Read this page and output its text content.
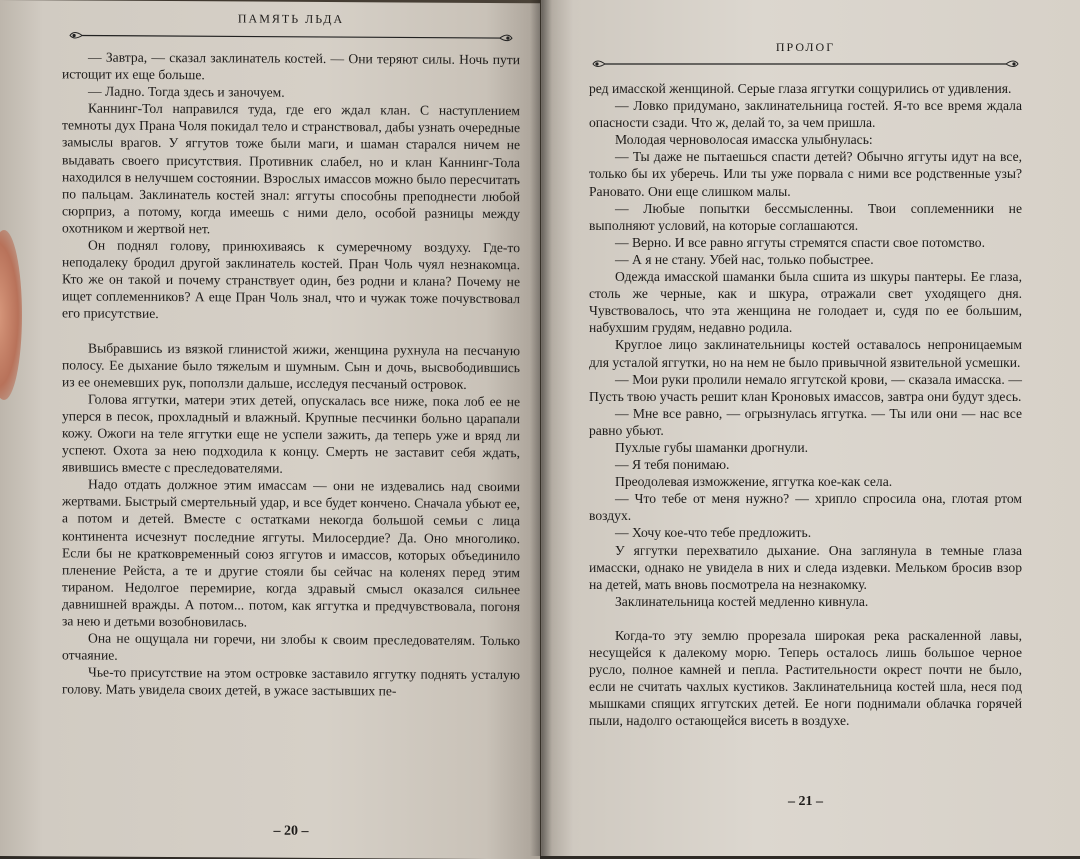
ПАМЯТЬ ЛЬДА

— Завтра, — сказал заклинатель костей. — Они теряют силы. Ночь пути истощит их еще больше.

— Ладно. Тогда здесь и заночуем.

Каннинг-Тол направился туда, где его ждал клан. С наступлением темноты дух Прана Чоля покидал тело и странствовал, дабы узнать очередные замыслы врагов. У яггутов тоже были маги, и шаман старался ничем не выдавать своего присутствия. Противник слабел, но и клан Каннинг-Тола находился в нелучшем состоянии. Взрослых имассов можно было пересчитать по пальцам. Заклинатель костей знал: яггуты способны преподнести любой сюрприз, а потому, когда имеешь с ними дело, особой разницы между охотником и жертвой нет.

Он поднял голову, принюхиваясь к сумеречному воздуху. Где-то неподалеку бродил другой заклинатель костей. Пран Чоль чуял незнакомца. Кто же он такой и почему странствует один, без родни и клана? Почему не ищет соплеменников? А еще Пран Чоль знал, что и чужак тоже почувствовал его присутствие.

Выбравшись из вязкой глинистой жижи, женщина рухнула на песчаную полосу. Ее дыхание было тяжелым и шумным. Сын и дочь, высвободившись из ее онемевших рук, поползли дальше, исследуя песчаный островок.

Голова яггутки, матери этих детей, опускалась все ниже, пока лоб ее не уперся в песок, прохладный и влажный. Крупные песчинки больно царапали кожу. Ожоги на теле яггутки еще не успели зажить, да теперь уже и вряд ли успеют. Охота за нею подходила к концу. Смерть не заставит себя ждать, явившись вместе с преследователями.

Надо отдать должное этим имассам — они не издевались над своими жертвами. Быстрый смертельный удар, и все будет кончено. Сначала убьют ее, а потом и детей. Вместе с остатками некогда большой семьи с лица континента исчезнут последние яггуты. Милосердие? Да. Оно многолико. Если бы не кратковременный союз яггутов и имассов, которых объединило пленение Рейста, а те и другие стояли бы сейчас на коленях перед этим тираном. Недолгое перемирие, когда здравый смысл оказался сильнее давнишней вражды. А потом... потом, как яггутка и предчувствовала, погоня за нею и детьми возобновилась.

Она не ощущала ни горечи, ни злобы к своим преследователям. Только отчаяние.

Чье-то присутствие на этом островке заставило яггутку поднять усталую голову. Мать увидела своих детей, в ужасе застывших пе-

– 20 –
ПРОЛОГ

ред имасской женщиной. Серые глаза яггутки сощурились от удивления.

— Ловко придумано, заклинательница гостей. Я-то все время ждала опасности сзади. Что ж, делай то, за чем пришла.

Молодая черноволосая имасска улыбнулась:

— Ты даже не пытаешься спасти детей? Обычно яггуты идут на все, только бы их уберечь. Или ты уже порвала с ними все родственные узы? Рановато. Они еще слишком малы.

— Любые попытки бессмысленны. Твои соплеменники не выполняют условий, на которые соглашаются.

— Верно. И все равно яггуты стремятся спасти свое потомство.

— А я не стану. Убей нас, только побыстрее.

Одежда имасской шаманки была сшита из шкуры пантеры. Ее глаза, столь же черные, как и шкура, отражали свет уходящего дня. Чувствовалось, что эта женщина не голодает и, судя по ее большим, набухшим грудям, недавно родила.

Круглое лицо заклинательницы костей оставалось непроницаемым для усталой яггутки, но на нем не было привычной язвительной усмешки.

— Мои руки пролили немало яггутской крови, — сказала имасска. — Пусть твою участь решит клан Кроновых имассов, завтра они будут здесь.

— Мне все равно, — огрызнулась яггутка. — Ты или они — нас все равно убьют.

Пухлые губы шаманки дрогнули.

— Я тебя понимаю.

Преодолевая изможжение, яггутка кое-как села.

— Что тебе от меня нужно? — хрипло спросила она, глотая ртом воздух.

— Хочу кое-что тебе предложить.

У яггутки перехватило дыхание. Она заглянула в темные глаза имасски, однако не увидела в них и следа издевки. Мельком бросив взор на детей, мать вновь посмотрела на незнакомку.

Заклинательница костей медленно кивнула.

Когда-то эту землю прорезала широкая река раскаленной лавы, несущейся к далекому морю. Теперь осталось лишь большое черное русло, полное камней и пепла. Растительности окрест почти не было, если не считать чахлых кустиков. Заклинательница костей шла, неся под мышками спящих яггутских детей. Ее ноги поднимали облачка горячей пыли, надолго остающейся висеть в воздухе.

– 21 –
